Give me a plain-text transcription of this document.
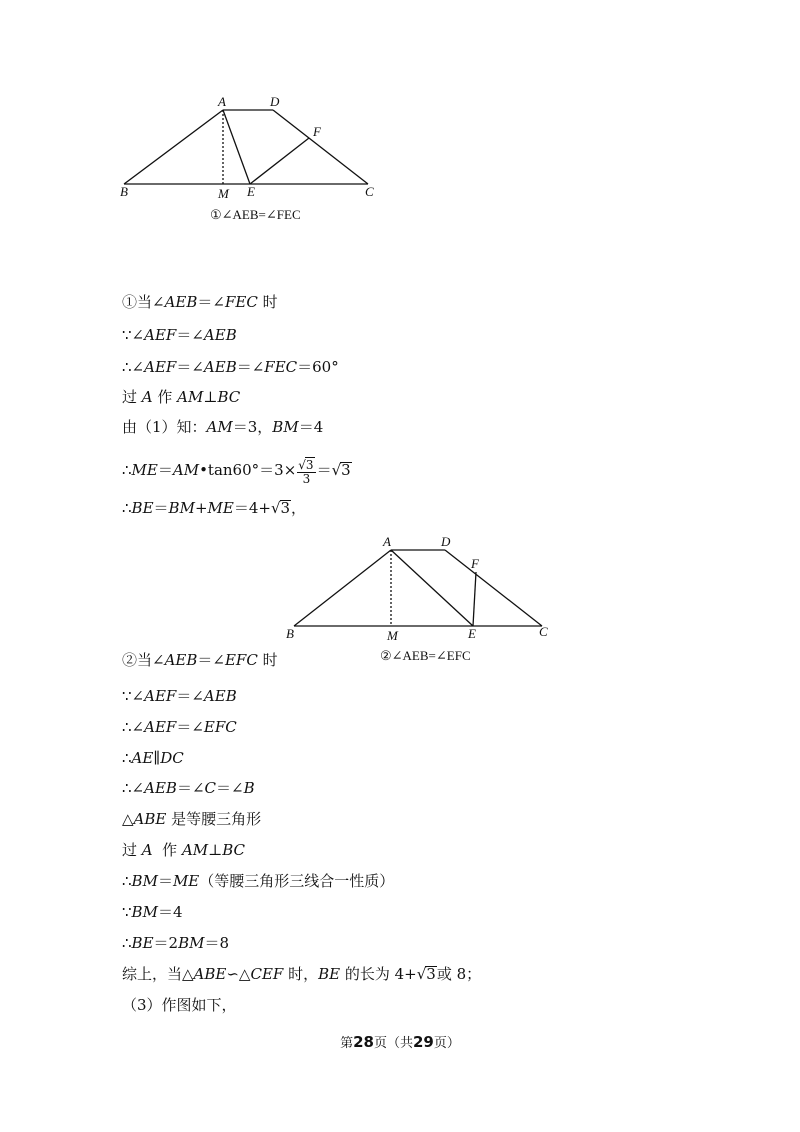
A	D
F
B	M E	C
①∠AEB=∠FEC
①当∠AEB＝∠FEC 时
∵∠AEF＝∠AEB
∴∠AEF＝∠AEB＝∠FEC＝60°
过 A 作 AM⊥BC
由（1）知：AM＝3，BM＝4
∴ME＝AM•tan60°＝3× $\frac{√3}{3} =√3$
∴BE＝BM+ME＝4+√3，
A	D
F
B	M	E	C
②∠AEB=∠EFC
②当∠AEB＝∠EFC 时
∵∠AEF＝∠AEB
∴∠AEF＝∠EFC
∴AE∥DC
∴∠AEB＝∠C＝∠B
△ABE 是等腰三角形
过 A  作 AM⊥BC
∴BM＝ME（等腰三角形三线合一性质）
∵BM＝4
∴BE＝2BM＝8
综上，当△ABE∽△CEF 时，BE 的长为 4+√3或 8；
（3）作图如下，
第28页（共29页）
